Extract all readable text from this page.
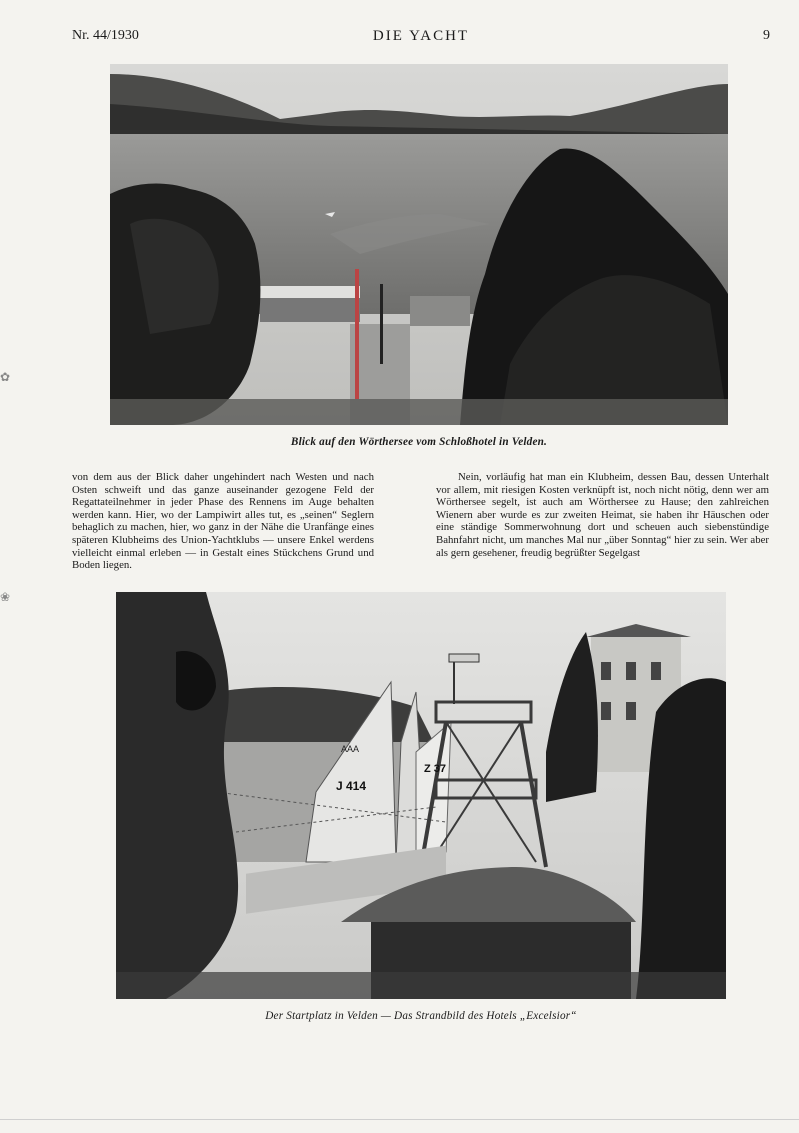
Nr. 44/1930	DIE YACHT	9
✿
❀
Blick auf den Wörthersee vom Schloßhotel in Velden.

von dem aus der Blick daher ungehindert nach Westen und nach Osten schweift und das ganze auseinander gezogene Feld der Regattateilnehmer in jeder Phase des Rennens im Auge behalten werden kann. Hier, wo der Lampiwirt alles tut, es „seinen“ Seglern behaglich zu machen, hier, wo ganz in der Nähe die Uranfänge eines späteren Klubheims des Union-Yachtklubs — unsere Enkel werdens vielleicht einmal erleben — in Gestalt eines Stückchens Grund und Boden liegen.

Nein, vorläufig hat man ein Klubheim, dessen Bau, dessen Unterhalt vor allem, mit riesigen Kosten verknüpft ist, noch nicht nötig, denn wer am Wörthersee segelt, ist auch am Wörthersee zu Hause; den zahlreichen Wienern aber wurde es zur zweiten Heimat, sie haben ihr Häuschen oder eine ständige Sommerwohnung dort und scheuen auch siebenstündige Bahnfahrt nicht, um manches Mal nur „über Sonntag“ hier zu sein. Wer aber als gern gesehener, freudig begrüßter Segelgast

J 414
Z 37
AAA
Der Startplatz in Velden — Das Strandbild des Hotels „Excelsior“
